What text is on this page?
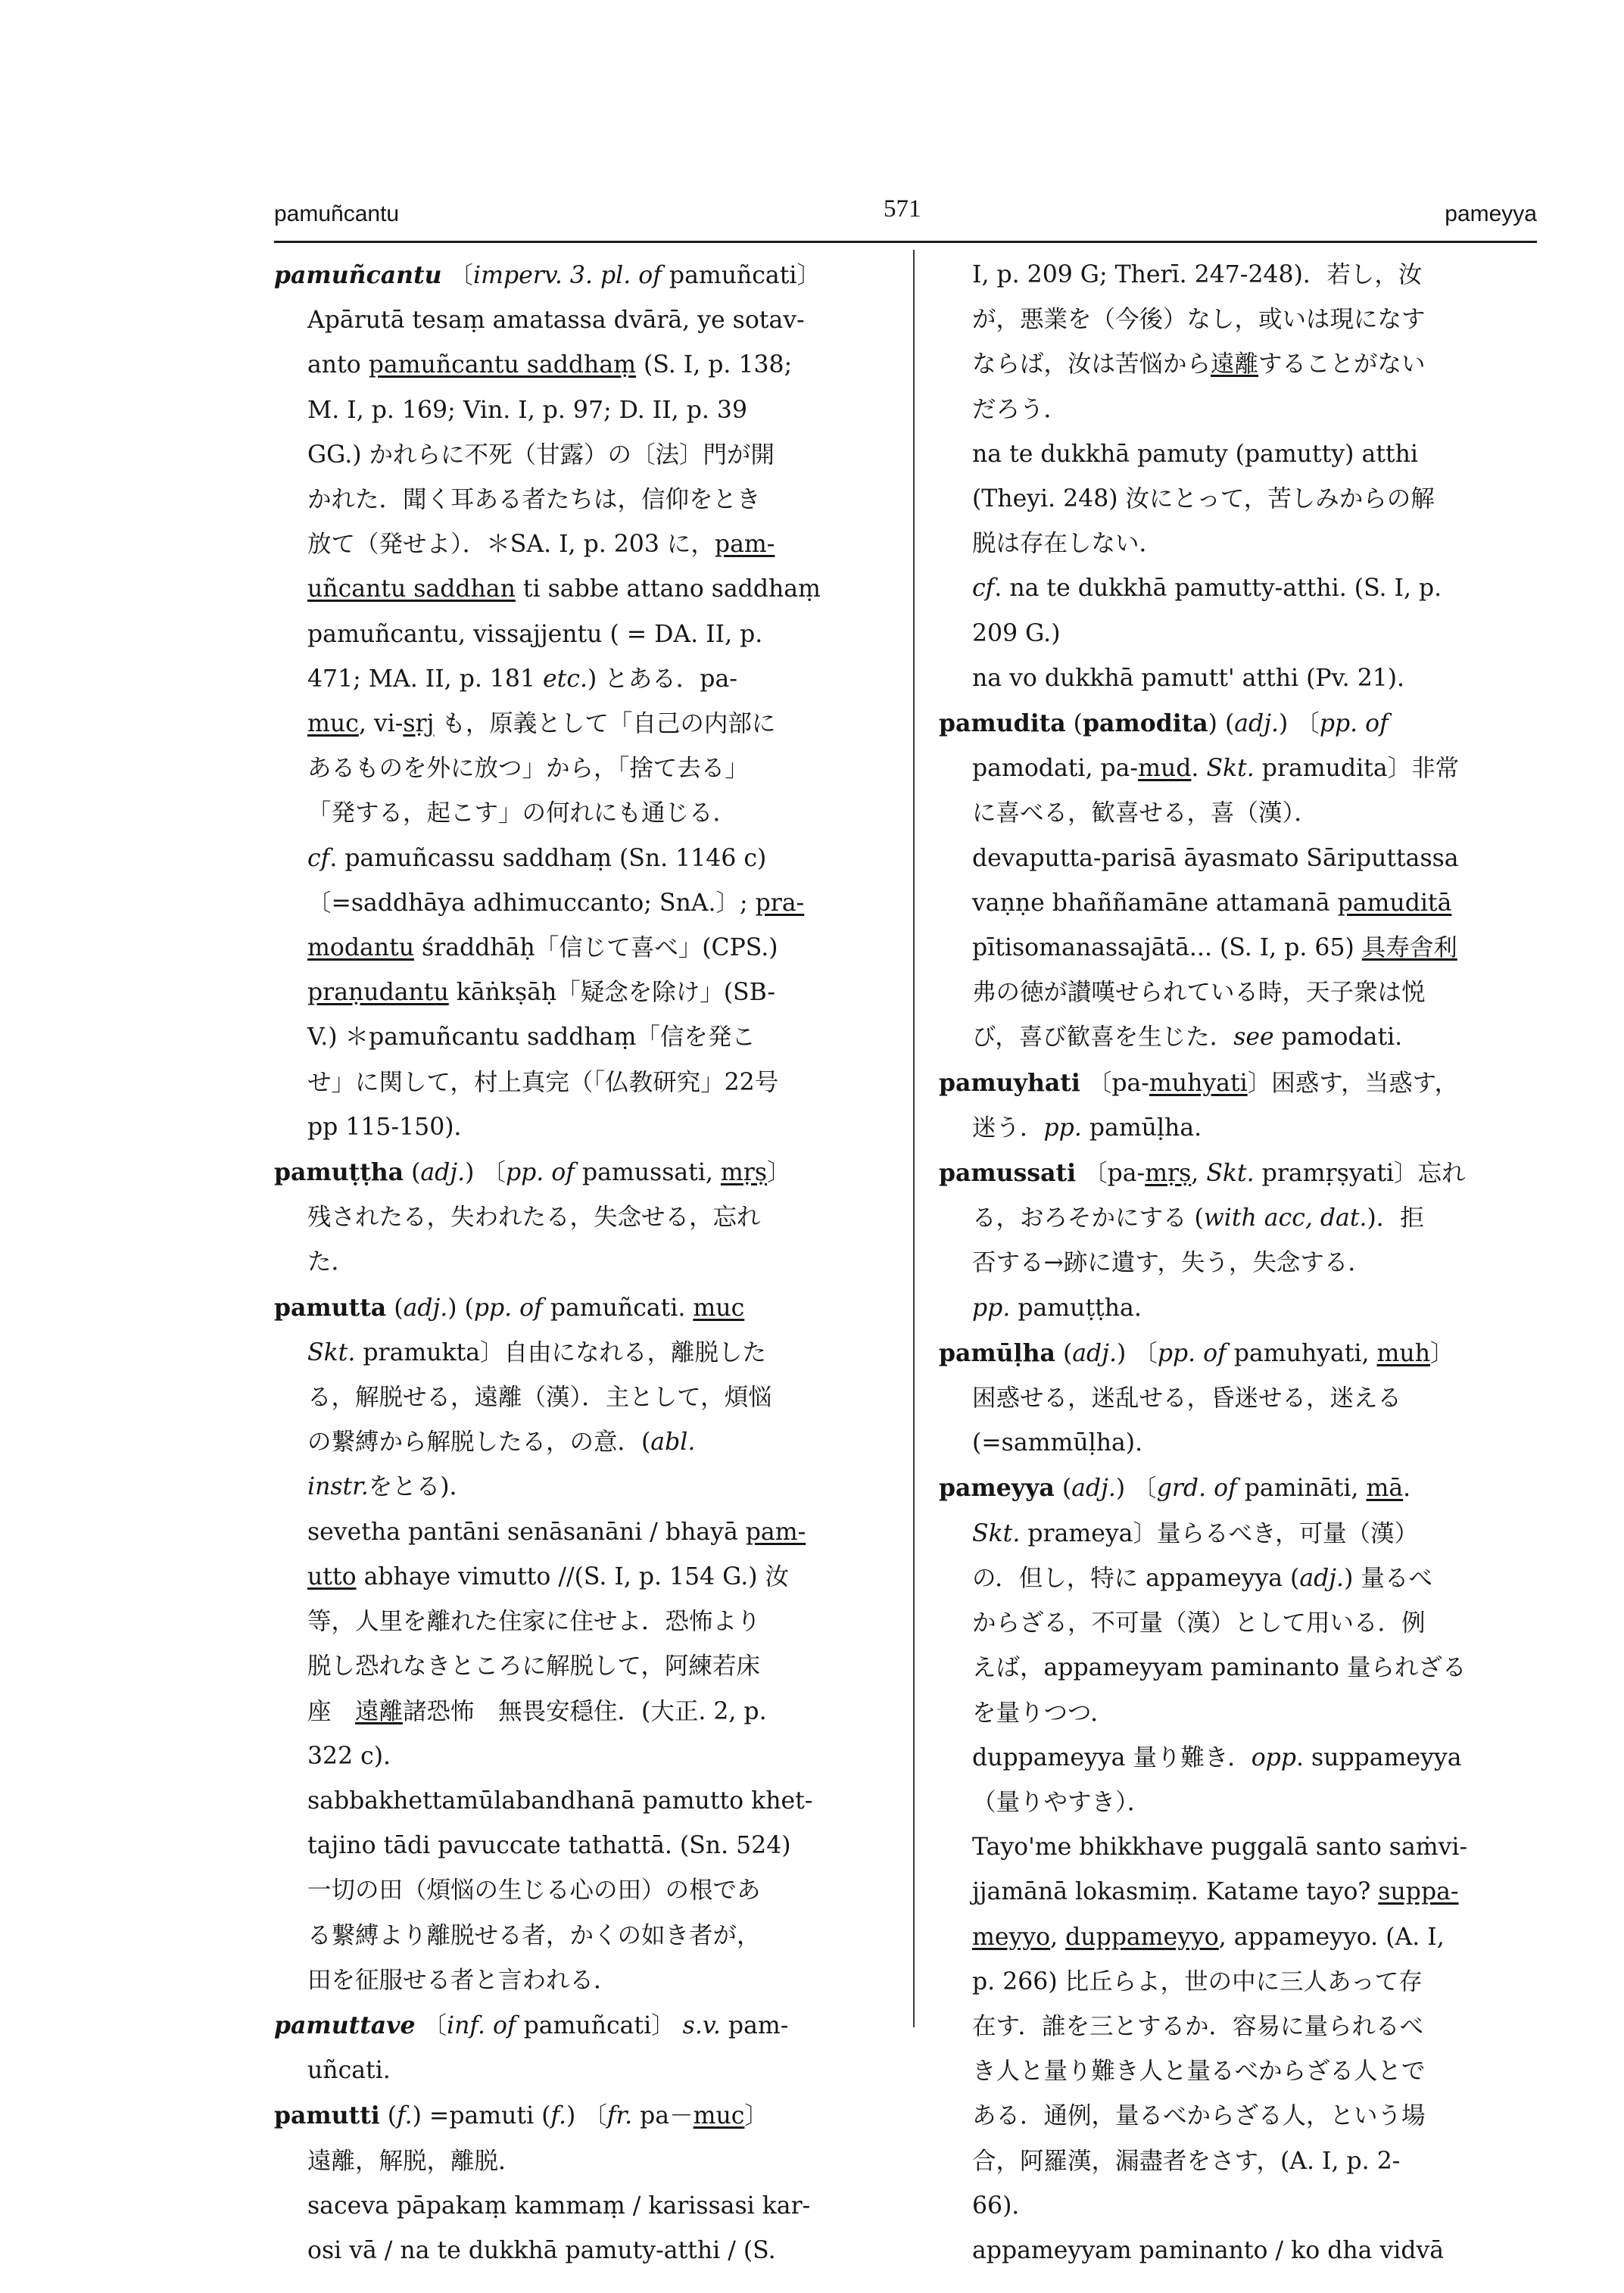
pamuñcantu	571	pameyya

pamuñcantu 〔imperv. 3. pl. of pamuñcati〕

Apārutā tesaṃ amatassa dvārā, ye sotav-

anto pamuñcantu saddhaṃ (S. I, p. 138;

M. I, p. 169; Vin. I, p. 97; D. II, p. 39

GG.) かれらに不死（甘露）の〔法〕門が開

かれた．聞く耳ある者たちは，信仰をとき

放て（発せよ）．＊SA. I, p. 203 に，pam-

uñcantu saddhan ti sabbe attano saddhaṃ

pamuñcantu, vissajjentu ( = DA. II, p.

471; MA. II, p. 181 etc.) とある．pa-

muc, vi-sṛj も，原義として「自己の内部に

あるものを外に放つ」から，「捨て去る」

「発する，起こす」の何れにも通じる．

cf. pamuñcassu saddhaṃ (Sn. 1146 c)

〔=saddhāya adhimuccanto; SnA.〕; pra-

modantu śraddhāḥ「信じて喜べ」(CPS.)

praṇudantu kāṅkṣāḥ「疑念を除け」(SB-

V.) ＊pamuñcantu saddhaṃ「信を発こ

せ」に関して，村上真完（「仏教研究」22号

pp 115-150)．

pamuṭṭha (adj.) 〔pp. of pamussati, mṛṣ〕

残されたる，失われたる，失念せる，忘れ

た．

pamutta (adj.) (pp. of pamuñcati. muc

Skt. pramukta〕自由になれる，離脱した

る，解脱せる，遠離（漢）．主として，煩悩

の繋縛から解脱したる，の意．(abl.

instr.をとる)．

sevetha pantāni senāsanāni / bhayā pam-

utto abhaye vimutto //(S. I, p. 154 G.) 汝

等，人里を離れた住家に住せよ．恐怖より

脱し恐れなきところに解脱して，阿練若床

座　遠離諸恐怖　無畏安穏住．(大正. 2, p.

322 c)．

sabbakhettamūlabandhanā pamutto khet-

tajino tādi pavuccate tathattā. (Sn. 524)

一切の田（煩悩の生じる心の田）の根であ

る繋縛より離脱せる者，かくの如き者が，

田を征服せる者と言われる．

pamuttave 〔inf. of pamuñcati〕 s.v. pam-

uñcati.

pamutti (f.) =pamuti (f.) 〔fr. pa－muc〕

遠離，解脱，離脱．

saceva pāpakaṃ kammaṃ / karissasi kar-

osi vā / na te dukkhā pamuty-atthi / (S.

I, p. 209 G; Therī. 247-248)．若し，汝

が，悪業を（今後）なし，或いは現になす

ならば，汝は苦悩から遠離することがない

だろう．

na te dukkhā pamuty (pamutty) atthi

(Theyi. 248) 汝にとって，苦しみからの解

脱は存在しない．

cf. na te dukkhā pamutty-atthi. (S. I, p.

209 G.)

na vo dukkhā pamutt' atthi (Pv. 21)．

pamudita (pamodita) (adj.) 〔pp. of

pamodati, pa-mud. Skt. pramudita〕非常

に喜べる，歓喜せる，喜（漢）．

devaputta-parisā āyasmato Sāriputtassa

vaṇṇe bhaññamāne attamanā pamuditā

pītisomanassajātā... (S. I, p. 65) 具寿舎利

弗の徳が讃嘆せられている時，天子衆は悦

び，喜び歓喜を生じた．see pamodati.

pamuyhati 〔pa-muhyati〕困惑す，当惑す，

迷う．pp. pamūḷha.

pamussati 〔pa-mṛṣ, Skt. pramṛṣyati〕忘れ

る，おろそかにする (with acc, dat.)．拒

否する→跡に遺す，失う，失念する．

pp. pamuṭṭha.

pamūḷha (adj.) 〔pp. of pamuhyati, muh〕

困惑せる，迷乱せる，昏迷せる，迷える

(=sammūḷha)．

pameyya (adj.) 〔grd. of pamināti, mā.

Skt. prameya〕量らるべき，可量（漢）

の．但し，特に appameyya (adj.) 量るべ

からざる，不可量（漢）として用いる．例

えば，appameyyam paminanto 量られざる

を量りつつ．

duppameyya 量り難き．opp. suppameyya

（量りやすき）．

Tayo'me bhikkhave puggalā santo saṁvi-

jjamānā lokasmiṃ. Katame tayo? suppa-

meyyo, duppameyyo, appameyyo. (A. I,

p. 266) 比丘らよ，世の中に三人あって存

在す．誰を三とするか．容易に量られるべ

き人と量り難き人と量るべからざる人とで

ある．通例，量るべからざる人，という場

合，阿羅漢，漏盡者をさす，(A. I, p. 2-

66)．

appameyyam paminanto / ko dha vidvā
